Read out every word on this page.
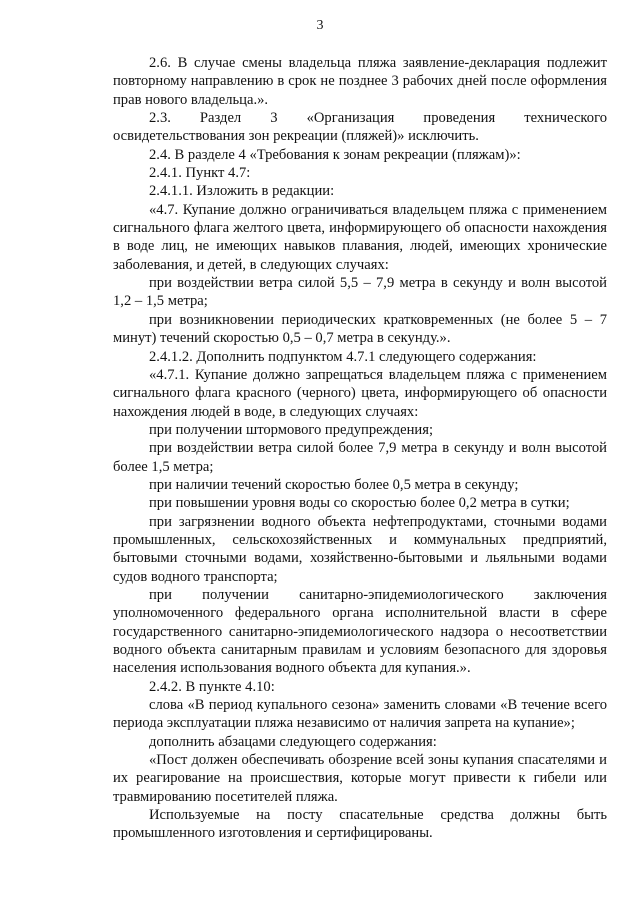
3

2.6. В случае смены владельца пляжа заявление-декларация подлежит повторному направлению в срок не позднее 3 рабочих дней после оформления прав нового владельца.».

2.3. Раздел 3 «Организация проведения технического освидетельствования зон рекреации (пляжей)» исключить.

2.4. В разделе 4 «Требования к зонам рекреации (пляжам)»:

2.4.1. Пункт 4.7:

2.4.1.1. Изложить в редакции:

«4.7. Купание должно ограничиваться владельцем пляжа с применением сигнального флага желтого цвета, информирующего об опасности нахождения в воде лиц, не имеющих навыков плавания, людей, имеющих хронические заболевания, и детей, в следующих случаях:

при воздействии ветра силой 5,5 – 7,9 метра в секунду и волн высотой 1,2 – 1,5 метра;

при возникновении периодических кратковременных (не более 5 – 7 минут) течений скоростью 0,5 – 0,7 метра в секунду.».

2.4.1.2. Дополнить подпунктом 4.7.1 следующего содержания:

«4.7.1. Купание должно запрещаться владельцем пляжа с применением сигнального флага красного (черного) цвета, информирующего об опасности нахождения людей в воде, в следующих случаях:

при получении штормового предупреждения;

при воздействии ветра силой более 7,9 метра в секунду и волн высотой более 1,5 метра;

при наличии течений скоростью более 0,5 метра в секунду;

при повышении уровня воды со скоростью более 0,2 метра в сутки;

при загрязнении водного объекта нефтепродуктами, сточными водами промышленных, сельскохозяйственных и коммунальных предприятий, бытовыми сточными водами, хозяйственно-бытовыми и льяльными водами судов водного транспорта;

при получении санитарно-эпидемиологического заключения уполномоченного федерального органа исполнительной власти в сфере государственного санитарно-эпидемиологического надзора о несоответствии водного объекта санитарным правилам и условиям безопасного для здоровья населения использования водного объекта для купания.».

2.4.2. В пункте 4.10:

слова «В период купального сезона» заменить словами «В течение всего периода эксплуатации пляжа независимо от наличия запрета на купание»;

дополнить абзацами следующего содержания:

«Пост должен обеспечивать обозрение всей зоны купания спасателями и их реагирование на происшествия, которые могут привести к гибели или травмированию посетителей пляжа.

Используемые на посту спасательные средства должны быть промышленного изготовления и сертифицированы.
